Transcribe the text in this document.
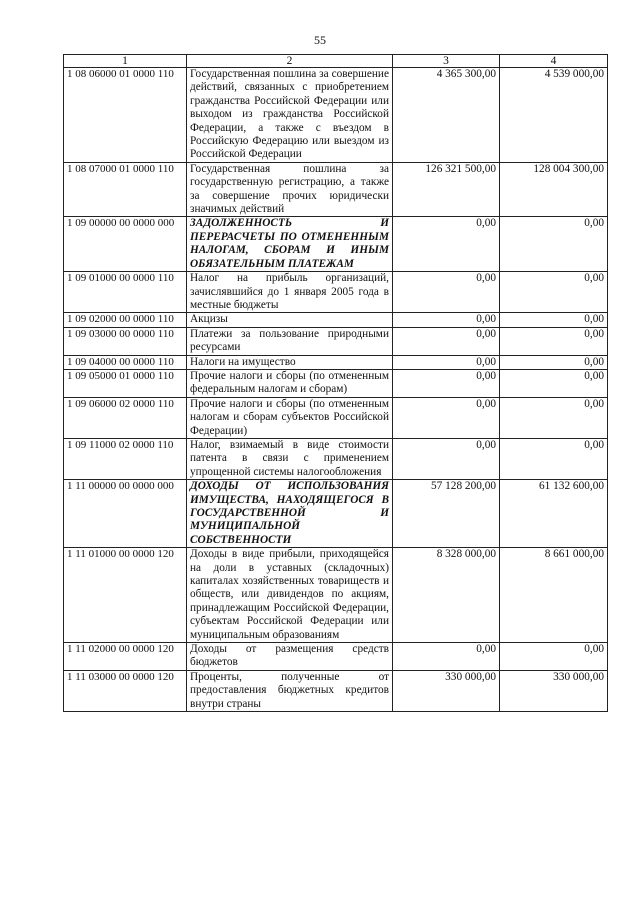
55
1	2	3	4
1 08 06000 01 0000 110	Государственная пошлина за совершение действий, связанных с приобретением гражданства Российской Федерации или выходом из гражданства Российской Федерации, а также с въездом в Российскую Федерацию или выездом из Российской Федерации	4 365 300,00	4 539 000,00
1 08 07000 01 0000 110	Государственная пошлина за государственную регистрацию, а также за совершение прочих юридически значимых действий	126 321 500,00	128 004 300,00
1 09 00000 00 0000 000	ЗАДОЛЖЕННОСТЬ И ПЕРЕРАСЧЕТЫ ПО ОТМЕНЕННЫМ НАЛОГАМ, СБОРАМ И ИНЫМ ОБЯЗАТЕЛЬНЫМ ПЛАТЕЖАМ	0,00	0,00
1 09 01000 00 0000 110	Налог на прибыль организаций, зачислявшийся до 1 января 2005 года в местные бюджеты	0,00	0,00
1 09 02000 00 0000 110	Акцизы	0,00	0,00
1 09 03000 00 0000 110	Платежи за пользование природными ресурсами	0,00	0,00
1 09 04000 00 0000 110	Налоги на имущество	0,00	0,00
1 09 05000 01 0000 110	Прочие налоги и сборы (по отмененным федеральным налогам и сборам)	0,00	0,00
1 09 06000 02 0000 110	Прочие налоги и сборы (по отмененным налогам и сборам субъектов Российской Федерации)	0,00	0,00
1 09 11000 02 0000 110	Налог, взимаемый в виде стоимости патента в связи с применением упрощенной системы налогообложения	0,00	0,00
1 11 00000 00 0000 000	ДОХОДЫ ОТ ИСПОЛЬЗОВАНИЯ ИМУЩЕСТВА, НАХОДЯЩЕГОСЯ В ГОСУДАРСТВЕННОЙ И МУНИЦИПАЛЬНОЙ СОБСТВЕННОСТИ	57 128 200,00	61 132 600,00
1 11 01000 00 0000 120	Доходы в виде прибыли, приходящейся на доли в уставных (складочных) капиталах хозяйственных товариществ и обществ, или дивидендов по акциям, принадлежащим Российской Федерации, субъектам Российской Федерации или муниципальным образованиям	8 328 000,00	8 661 000,00
1 11 02000 00 0000 120	Доходы от размещения средств бюджетов	0,00	0,00
1 11 03000 00 0000 120	Проценты, полученные от предоставления бюджетных кредитов внутри страны	330 000,00	330 000,00
